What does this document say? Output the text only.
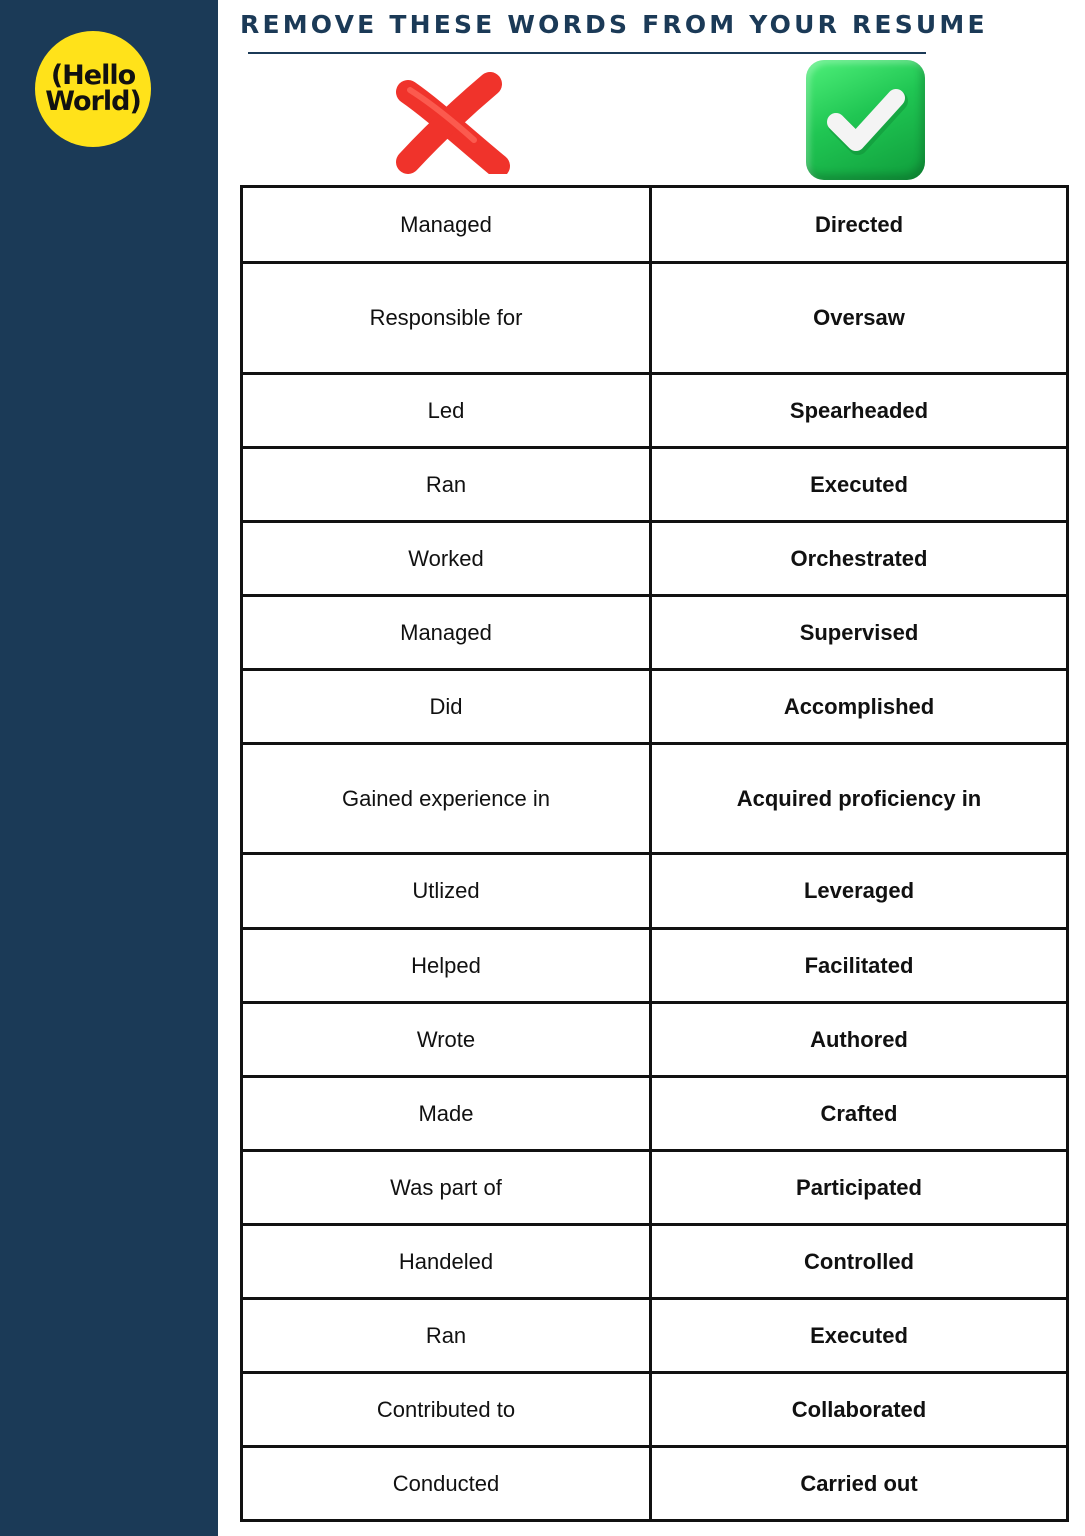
(Hello
World)
REMOVE THESE WORDS FROM YOUR RESUME
Managed	Directed
Responsible for	Oversaw
Led	Spearheaded
Ran	Executed
Worked	Orchestrated
Managed	Supervised
Did	Accomplished
Gained experience in	Acquired proficiency in
Utlized	Leveraged
Helped	Facilitated
Wrote	Authored
Made	Crafted
Was part of	Participated
Handeled	Controlled
Ran	Executed
Contributed to	Collaborated
Conducted	Carried out
